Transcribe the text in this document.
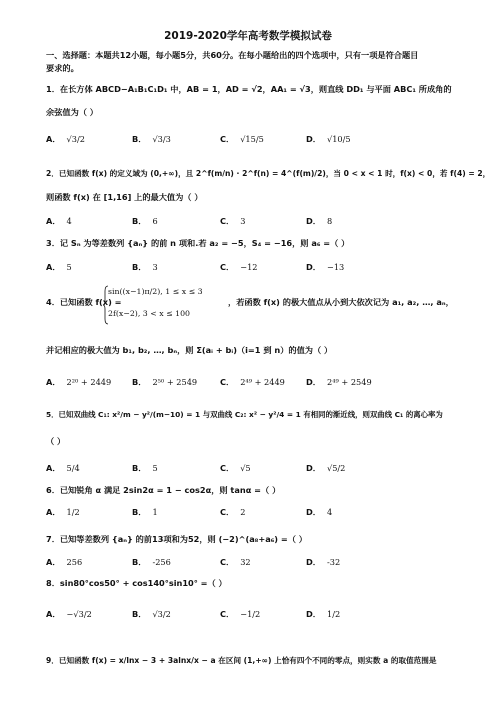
2019-2020学年高考数学模拟试卷
一、选择题：本题共12小题，每小题5分，共60分。在每小题给出的四个选项中，只有一项是符合题目
要求的。
1．在长方体 ABCD−A₁B₁C₁D₁ 中，AB = 1，AD = √2，AA₁ = √3，则直线 DD₁ 与平面 ABC₁ 所成角的
余弦值为（ ）
A． √3/2	B． √3/3	C． √15/5	D． √10/5
2．已知函数 f(x) 的定义域为 (0,+∞)，且 2^f(m/n) · 2^f(n) = 4^(f(m)/2)，当 0 < x < 1 时，f(x) < 0，若 f(4) = 2，
则函数 f(x) 在 [1,16] 上的最大值为（ ）
A． 4	B． 6	C． 3	D． 8
3．记 Sₙ 为等差数列 {aₙ} 的前 n 项和.若 a₂ = −5，S₄ = −16，则 a₆ =（ ）
A． 5	B． 3	C． −12	D． −13
4．已知函数 f(x) =
sin((x−1)π/2), 1 ≤ x ≤ 3
2f(x−2), 3 < x ≤ 100
，若函数 f(x) 的极大值点从小到大依次记为 a₁, a₂, …, aₙ，
并记相应的极大值为 b₁, b₂, …, bₙ，则 Σ(aᵢ + bᵢ)（i=1 到 n）的值为（ ）
A． 2²⁰ + 2449	B． 2⁵⁰ + 2549	C． 2⁴⁹ + 2449	D． 2⁴⁹ + 2549
5．已知双曲线 C₁: x²/m − y²/(m−10) = 1 与双曲线 C₂: x² − y²/4 = 1 有相同的渐近线，则双曲线 C₁ 的离心率为
（ ）
A． 5/4	B． 5	C． √5	D． √5/2
6．已知锐角 α 满足 2sin2α = 1 − cos2α，则 tanα =（ ）
A． 1/2	B． 1	C． 2	D． 4
7．已知等差数列 {aₙ} 的前13项和为52，则 (−2)^(a₈+a₆) =（ ）
A． 256	B． -256	C． 32	D． -32
8．sin80°cos50° + cos140°sin10° =（ ）
A． −√3/2	B． √3/2	C． −1/2	D． 1/2
9．已知函数 f(x) = x/lnx − 3 + 3alnx/x − a 在区间 (1,+∞) 上恰有四个不同的零点，则实数 a 的取值范围是
